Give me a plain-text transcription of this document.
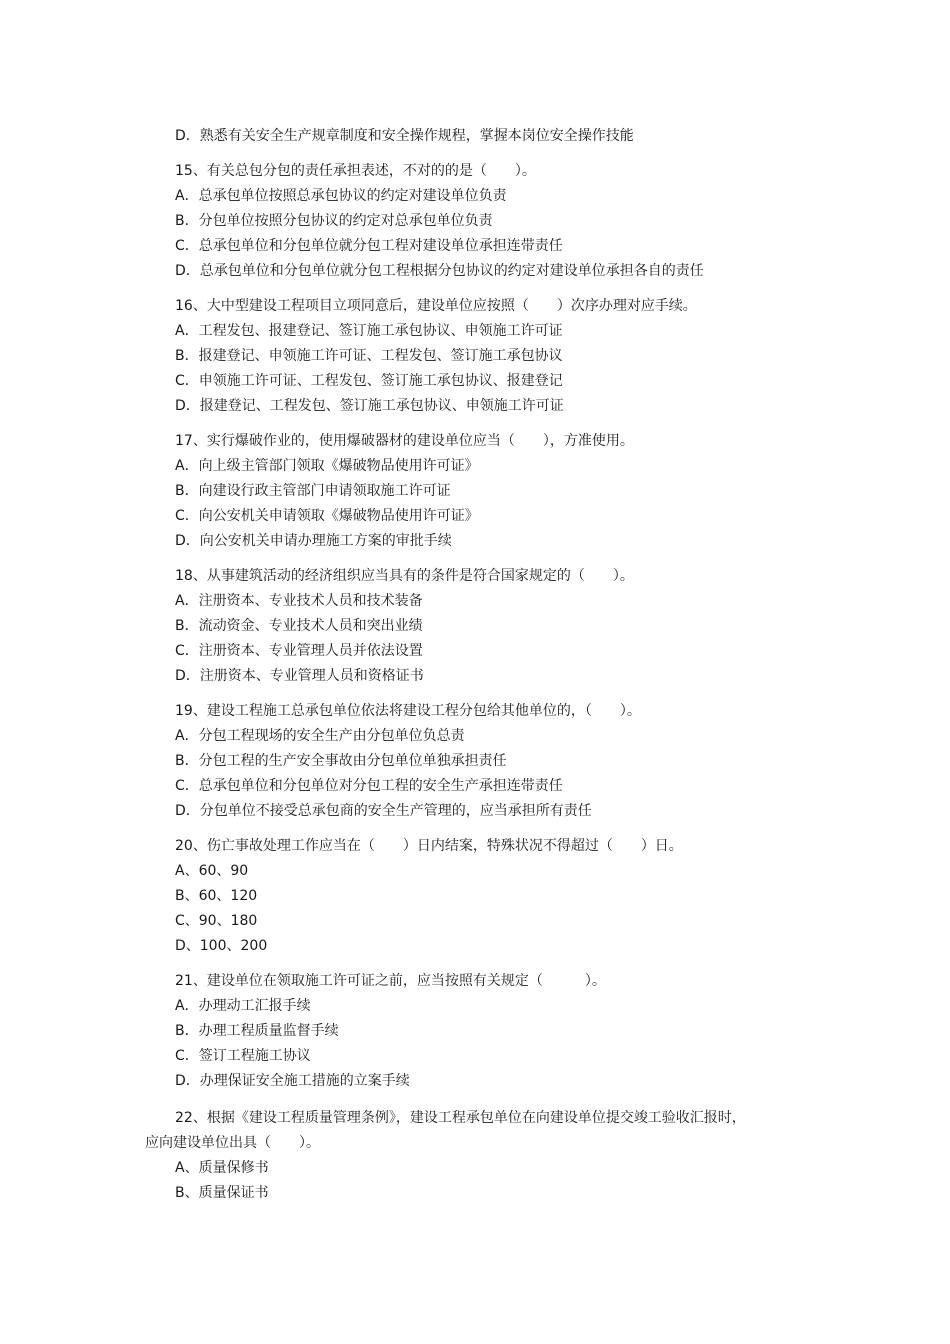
D．熟悉有关安全生产规章制度和安全操作规程，掌握本岗位安全操作技能
15、有关总包分包的责任承担表述，不对的的是（　　）。
A．总承包单位按照总承包协议的约定对建设单位负责
B．分包单位按照分包协议的约定对总承包单位负责
C．总承包单位和分包单位就分包工程对建设单位承担连带责任
D．总承包单位和分包单位就分包工程根据分包协议的约定对建设单位承担各自的责任
16、大中型建设工程项目立项同意后，建设单位应按照（　　）次序办理对应手续。
A．工程发包、报建登记、签订施工承包协议、申领施工许可证
B．报建登记、申领施工许可证、工程发包、签订施工承包协议
C．申领施工许可证、工程发包、签订施工承包协议、报建登记
D．报建登记、工程发包、签订施工承包协议、申领施工许可证
17、实行爆破作业的，使用爆破器材的建设单位应当（　　），方准使用。
A．向上级主管部门领取《爆破物品使用许可证》
B．向建设行政主管部门申请领取施工许可证
C．向公安机关申请领取《爆破物品使用许可证》
D．向公安机关申请办理施工方案的审批手续
18、从事建筑活动的经济组织应当具有的条件是符合国家规定的（　　）。
A．注册资本、专业技术人员和技术装备
B．流动资金、专业技术人员和突出业绩
C．注册资本、专业管理人员并依法设置
D．注册资本、专业管理人员和资格证书
19、建设工程施工总承包单位依法将建设工程分包给其他单位的，（　　）。
A．分包工程现场的安全生产由分包单位负总责
B．分包工程的生产安全事故由分包单位单独承担责任
C．总承包单位和分包单位对分包工程的安全生产承担连带责任
D．分包单位不接受总承包商的安全生产管理的，应当承担所有责任
20、伤亡事故处理工作应当在（　　）日内结案，特殊状况不得超过（　　）日。
A、60、90
B、60、120
C、90、180
D、100、200
21、建设单位在领取施工许可证之前，应当按照有关规定（　　　）。
A．办理动工汇报手续
B．办理工程质量监督手续
C．签订工程施工协议
D．办理保证安全施工措施的立案手续
22、根据《建设工程质量管理条例》，建设工程承包单位在向建设单位提交竣工验收汇报时，
应向建设单位出具（　　）。
A、质量保修书
B、质量保证书
